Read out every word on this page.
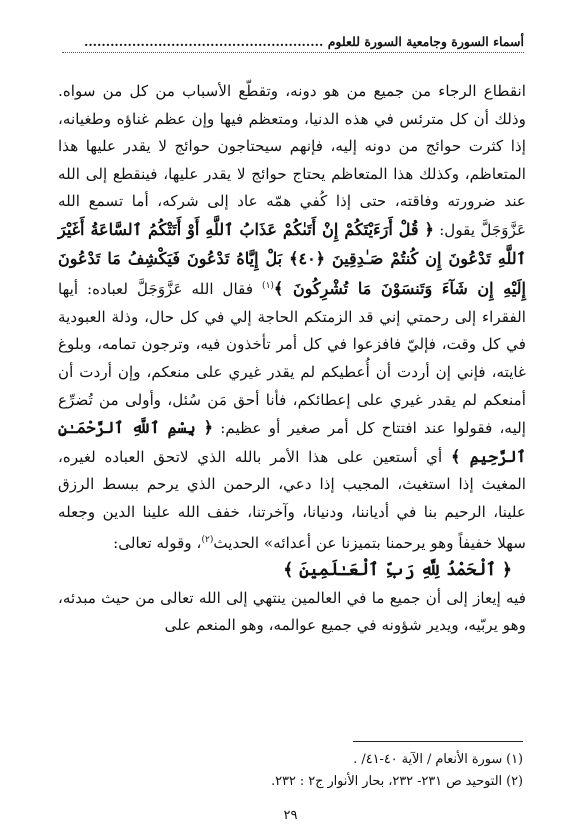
أسماء السورة وجامعية السورة للعلوم .......................................................

انقطاع الرجاء من جميع من هو دونه، وتقطّع الأسباب من كل من سواه. وذلك أن كل مترئس في هذه الدنيا، ومتعظم فيها وإن عظم غناؤه وطغيانه، إذا كثرت حوائج من دونه إليه، فإنهم سيحتاجون حوائج لا يقدر عليها هذا المتعاظم، وكذلك هذا المتعاظم يحتاج حوائج لا يقدر عليها، فينقطع إلى الله عند ضرورته وفاقته، حتى إذا كُفي همّه عاد إلى شركه، أما تسمع الله عَزَّوَجَلَّ يقول: ﴿ قُلْ أَرَءَيْتَكُمْ إِنْ أَتَىٰكُمْ عَذَابُ ٱللَّهِ أَوْ أَتَتْكُمُ ٱلسَّاعَةُ أَغَيْرَ ٱللَّهِ تَدْعُونَ إِن كُنتُمْ صَـٰدِقِينَ ﴿٤٠﴾ بَلْ إِيَّاهُ تَدْعُونَ فَيَكْشِفُ مَا تَدْعُونَ إِلَيْهِ إِن شَآءَ وَتَنسَوْنَ مَا تُشْرِكُونَ ﴾$^{(١)}$ فقال الله عَزَّوَجَلَّ لعباده: أيها الفقراء إلى رحمتي إني قد الزمتكم الحاجة إلي في كل حال، وذلة العبودية في كل وقت، فإليّ فافزعوا في كل أمر تأخذون فيه، وترجون تمامه، وبلوغ غايته، فإني إن أردت أن أُعطيكم لم يقدر غيري على منعكم، وإن أردت أن أمنعكم لم يقدر غيري على إعطائكم، فأنا أحق مَن سُئل، وأولى من تُضرِّع إليه، فقولوا عند افتتاح كل أمر صغير أو عظيم: ﴿ بِسْمِ ٱللَّهِ ٱلرَّحْمَـٰنِ ٱلرَّحِيمِ ﴾ أي أستعين على هذا الأمر بالله الذي لاتحق العباده لغيره، المغيث إذا استغيث، المجيب إذا دعي، الرحمن الذي يرحم ببسط الرزق علينا، الرحيم بنا في أدياننا، ودنيانا، وآخرتنا، خفف الله علينا الدين وجعله سهلا خفيفاً وهو يرحمنا بتميزنا عن أعدائه» الحديث$^{(٢)}$، وقوله تعالى:

﴿ ٱلْحَمْدُ لِلَّهِ رَبِّ ٱلْعَـٰلَمِينَ ﴾

فيه إيعاز إلى أن جميع ما في العالمين ينتهي إلى الله تعالى من حيث مبدئه، وهو يربّيه، ويدير شؤونه في جميع عوالمه، وهو المنعم على

(١) سورة الأنعام / الآية ٤٠-٤١/ .
(٢) التوحيد ص ٢٣١- ٢٣٢، بحار الأنوار ج٢ : ٢٣٢.
٢٩
